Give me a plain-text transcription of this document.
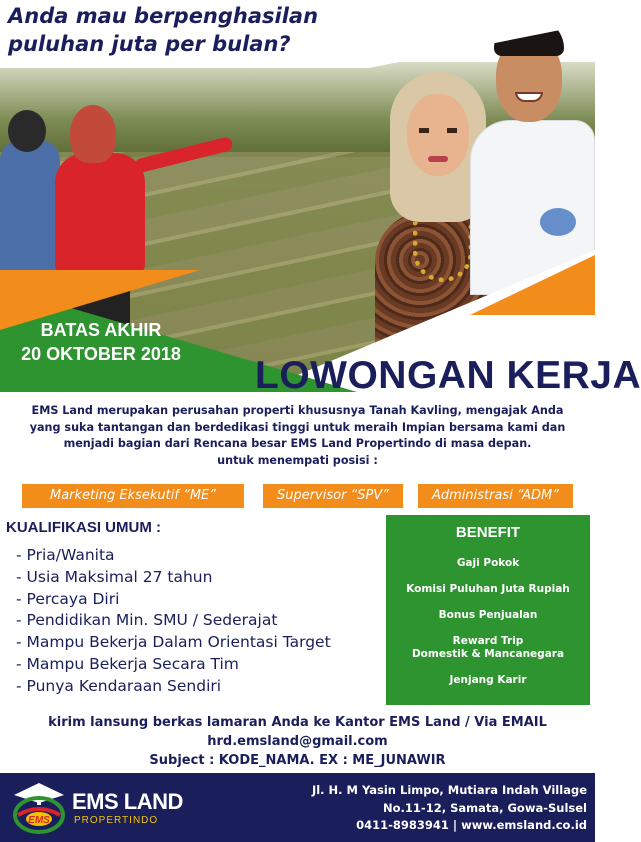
Anda mau berpenghasilan
puluhan juta per bulan?
BATAS AKHIR
20 OKTOBER 2018	LOWONGAN KERJA
EMS Land merupakan perusahan properti khususnya Tanah Kavling, mengajak Anda
yang suka tantangan dan berdedikasi tinggi untuk meraih Impian bersama kami dan
menjadi bagian dari Rencana besar EMS Land Propertindo di masa depan.
untuk menempati posisi :
Marketing Eksekutif “ME”	Supervisor “SPV”	Administrasi “ADM”
KUALIFIKASI UMUM :
- Pria/Wanita
- Usia Maksimal 27 tahun
- Percaya Diri
- Pendidikan Min. SMU / Sederajat
- Mampu Bekerja Dalam Orientasi Target
- Mampu Bekerja Secara Tim
- Punya Kendaraan Sendiri
BENEFIT
Gaji Pokok
Komisi Puluhan Juta Rupiah
Bonus Penjualan
Reward Trip
Domestik & Mancanegara
Jenjang Karir
kirim lansung berkas lamaran Anda ke Kantor EMS Land / Via EMAIL
hrd.emsland@gmail.com
Subject : KODE_NAMA. EX : ME_JUNAWIR
EMS
EMS LAND
PROPERTINDO
Jl. H. M Yasin Limpo, Mutiara Indah Village
No.11-12, Samata, Gowa-Sulsel
0411-8983941 | www.emsland.co.id
